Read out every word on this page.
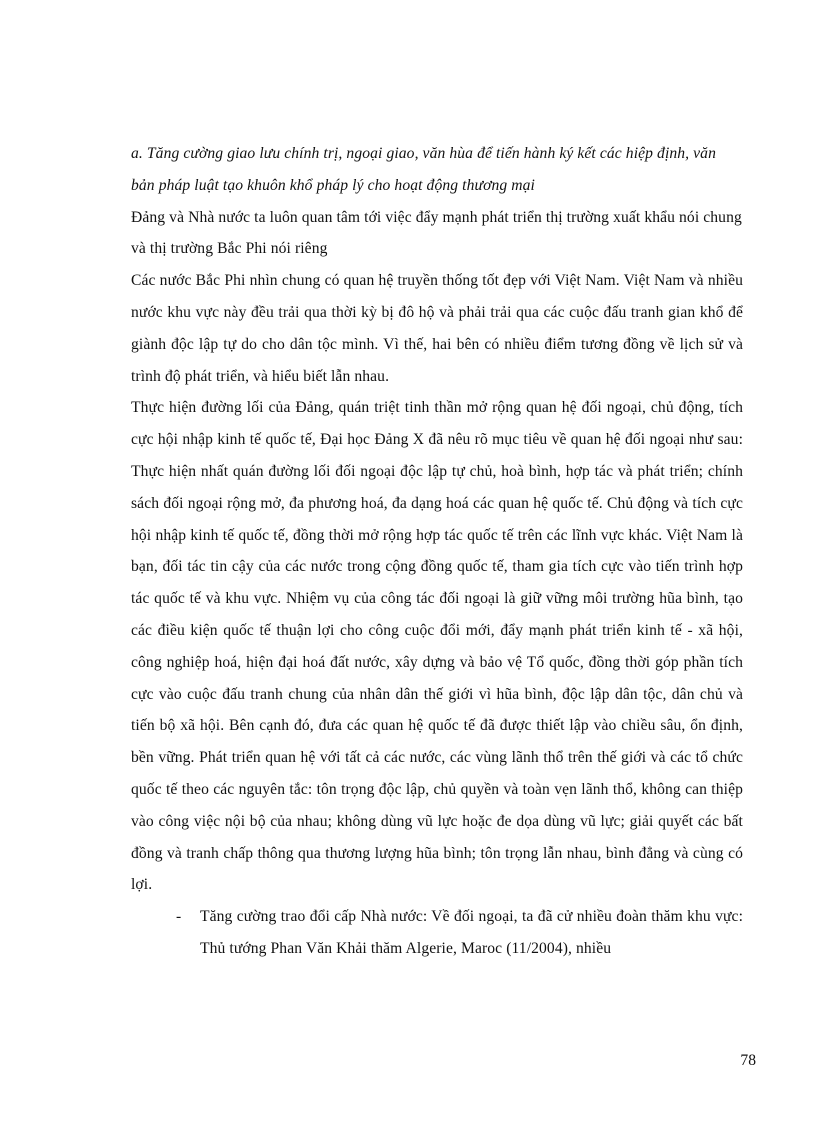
a. Tăng cường giao lưu chính trị, ngoại giao, văn hùa để tiến hành ký kết các hiệp định, văn bản pháp luật tạo khuôn khổ pháp lý cho hoạt động thương mại

Đảng và Nhà nước ta luôn quan tâm tới việc đẩy mạnh phát triển thị trường xuất khẩu nói chung và thị trường Bắc Phi nói riêng

Các nước Bắc Phi nhìn chung có quan hệ truyền thống tốt đẹp với Việt Nam. Việt Nam và nhiều nước khu vực này đều trải qua thời kỳ bị đô hộ và phải trải qua các cuộc đấu tranh gian khổ để giành độc lập tự do cho dân tộc mình. Vì thế, hai bên có nhiều điểm tương đồng về lịch sử và trình độ phát triển, và hiểu biết lẫn nhau.

Thực hiện đường lối của Đảng, quán triệt tinh thần mở rộng quan hệ đối ngoại, chủ động, tích cực hội nhập kinh tế quốc tế, Đại học Đảng X đã nêu rõ mục tiêu về quan hệ đối ngoại như sau: Thực hiện nhất quán đường lối đối ngoại độc lập tự chủ, hoà bình, hợp tác và phát triển; chính sách đối ngoại rộng mở, đa phương hoá, đa dạng hoá các quan hệ quốc tế. Chủ động và tích cực hội nhập kinh tế quốc tế, đồng thời mở rộng hợp tác quốc tế trên các lĩnh vực khác. Việt Nam là bạn, đối tác tin cậy của các nước trong cộng đồng quốc tế, tham gia tích cực vào tiến trình hợp tác quốc tế và khu vực. Nhiệm vụ của công tác đối ngoại là giữ vững môi trường hũa bình, tạo các điều kiện quốc tế thuận lợi cho công cuộc đổi mới, đẩy mạnh phát triển kinh tế - xã hội, công nghiệp hoá, hiện đại hoá đất nước, xây dựng và bảo vệ Tổ quốc, đồng thời góp phần tích cực vào cuộc đấu tranh chung của nhân dân thế giới vì hũa bình, độc lập dân tộc, dân chủ và tiến bộ xã hội. Bên cạnh đó, đưa các quan hệ quốc tế đã được thiết lập vào chiều sâu, ổn định, bền vững. Phát triển quan hệ với tất cả các nước, các vùng lãnh thổ trên thế giới và các tổ chức quốc tế theo các nguyên tắc: tôn trọng độc lập, chủ quyền và toàn vẹn lãnh thổ, không can thiệp vào công việc nội bộ của nhau; không dùng vũ lực hoặc đe dọa dùng vũ lực; giải quyết các bất đồng và tranh chấp thông qua thương lượng hũa bình; tôn trọng lẫn nhau, bình đẳng và cùng có lợi.

- Tăng cường trao đổi cấp Nhà nước: Về đối ngoại, ta đã cử nhiều đoàn thăm khu vực: Thủ tướng Phan Văn Khải thăm Algerie, Maroc (11/2004), nhiều

78
